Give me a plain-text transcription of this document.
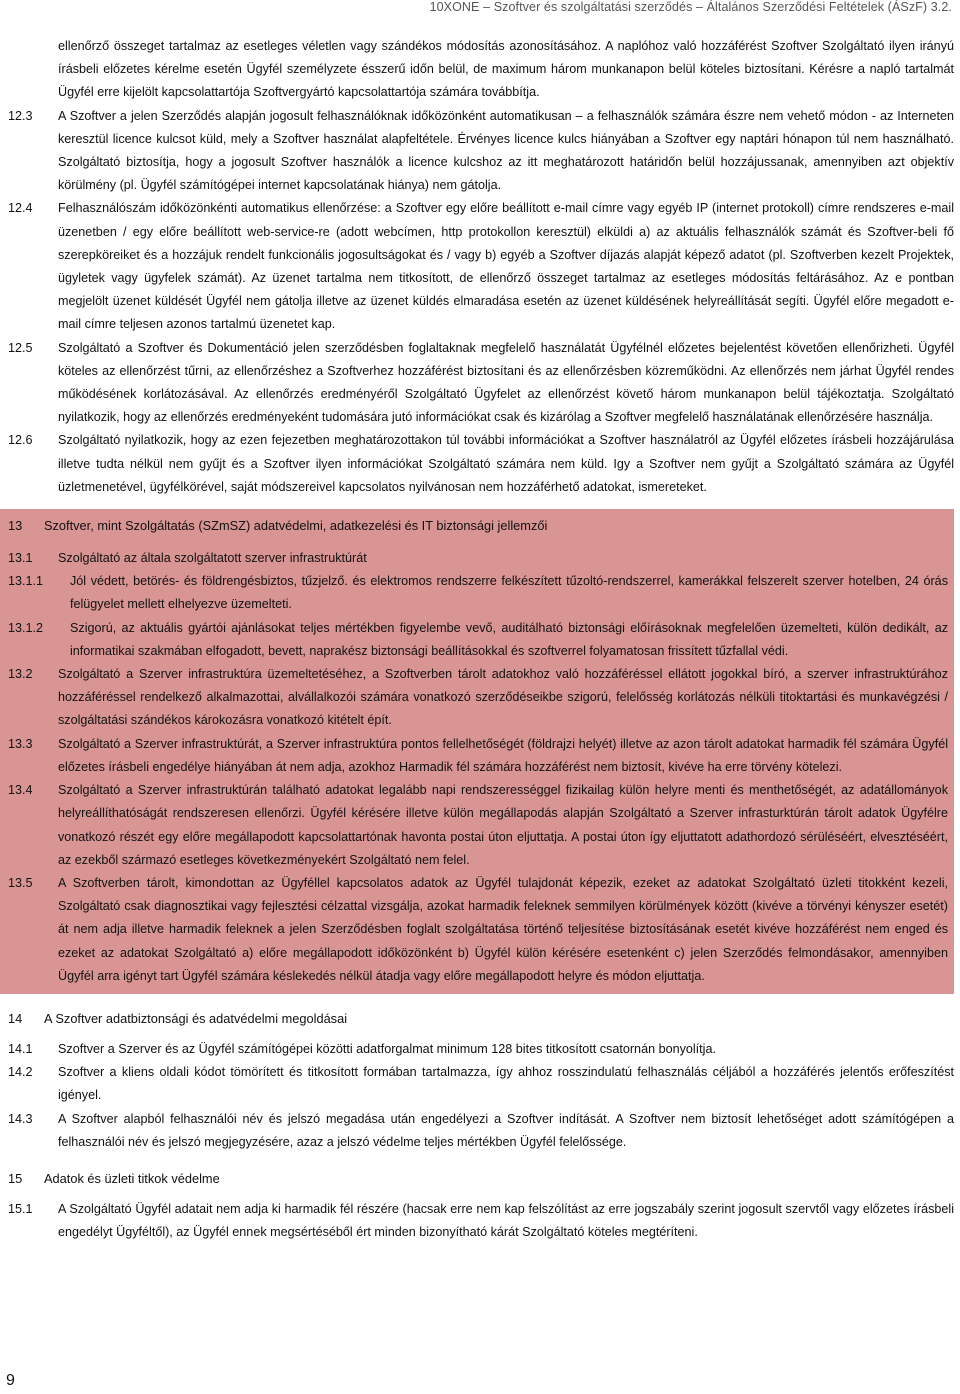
10XONE – Szoftver és szolgáltatási szerződés – Általános Szerződési Feltételek (ÁSzF) 3.2.
ellenőrző összeget tartalmaz az esetleges véletlen vagy szándékos módosítás azonosításához. A naplóhoz való hozzáférést Szoftver Szolgáltató ilyen irányú írásbeli előzetes kérelme esetén Ügyfél személyzete ésszerű időn belül, de maximum három munkanapon belül köteles biztosítani. Kérésre a napló tartalmát Ügyfél erre kijelölt kapcsolattartója Szoftvergyártó kapcsolattartója számára továbbítja.
12.3	A Szoftver a jelen Szerződés alapján jogosult felhasználóknak időközönként automatikusan – a felhasználók számára észre nem vehető módon - az Interneten keresztül licence kulcsot küld, mely a Szoftver használat alapfeltétele. Érvényes licence kulcs hiányában a Szoftver egy naptári hónapon túl nem használható. Szolgáltató biztosítja, hogy a jogosult Szoftver használók a licence kulcshoz az itt meghatározott határidőn belül hozzájussanak, amennyiben azt objektív körülmény (pl. Ügyfél számítógépei internet kapcsolatának hiánya) nem gátolja.
12.4	Felhasználószám időközönkénti automatikus ellenőrzése: a Szoftver egy előre beállított e-mail címre vagy egyéb IP (internet protokoll) címre rendszeres e-mail üzenetben / egy előre beállított web-service-re (adott webcímen, http protokollon keresztül) elküldi a) az aktuális felhasználók számát és Szoftver-beli fő szerepköreiket és a hozzájuk rendelt funkcionális jogosultságokat és / vagy b) egyéb a Szoftver díjazás alapját képező adatot (pl. Szoftverben kezelt Projektek, ügyletek vagy ügyfelek számát). Az üzenet tartalma nem titkosított, de ellenőrző összeget tartalmaz az esetleges módosítás feltárásához. Az e pontban megjelölt üzenet küldését Ügyfél nem gátolja illetve az üzenet küldés elmaradása esetén az üzenet küldésének helyreállítását segíti. Ügyfél előre megadott e-mail címre teljesen azonos tartalmú üzenetet kap.
12.5	Szolgáltató a Szoftver és Dokumentáció jelen szerződésben foglaltaknak megfelelő használatát Ügyfélnél előzetes bejelentést követően ellenőrizheti. Ügyfél köteles az ellenőrzést tűrni, az ellenőrzéshez a Szoftverhez hozzáférést biztosítani és az ellenőrzésben közreműködni. Az ellenőrzés nem járhat Ügyfél rendes működésének korlátozásával. Az ellenőrzés eredményéről Szolgáltató Ügyfelet az ellenőrzést követő három munkanapon belül tájékoztatja. Szolgáltató nyilatkozik, hogy az ellenőrzés eredményeként tudomására jutó információkat csak és kizárólag a Szoftver megfelelő használatának ellenőrzésére használja.
12.6	Szolgáltató nyilatkozik, hogy az ezen fejezetben meghatározottakon túl további információkat a Szoftver használatról az Ügyfél előzetes írásbeli hozzájárulása illetve tudta nélkül nem gyűjt és a Szoftver ilyen információkat Szolgáltató számára nem küld. Igy a Szoftver nem gyűjt a Szolgáltató számára az Ügyfél üzletmenetével, ügyfélkörével, saját módszereivel kapcsolatos nyilvánosan nem hozzáférhető adatokat, ismereteket.
13	Szoftver, mint Szolgáltatás (SZmSZ) adatvédelmi, adatkezelési és IT biztonsági jellemzői
13.1	Szolgáltató az általa szolgáltatott szerver infrastruktúrát
13.1.1	Jól védett, betörés- és földrengésbiztos, tűzjelző. és elektromos rendszerre felkészített tűzoltó-rendszerrel, kamerákkal felszerelt szerver hotelben, 24 órás felügyelet mellett elhelyezve üzemelteti.
13.1.2	Szigorú, az aktuális gyártói ajánlásokat teljes mértékben figyelembe vevő, auditálható biztonsági előírásoknak megfelelően üzemelteti, külön dedikált, az informatikai szakmában elfogadott, bevett, naprakész biztonsági beállításokkal és szoftverrel folyamatosan frissített tűzfallal védi.
13.2	Szolgáltató a Szerver infrastruktúra üzemeltetéséhez, a Szoftverben tárolt adatokhoz való hozzáféréssel ellátott jogokkal bíró, a szerver infrastruktúrához hozzáféréssel rendelkező alkalmazottai, alvállalkozói számára vonatkozó szerződéseikbe szigorú, felelősség korlátozás nélküli titoktartási és munkavégzési / szolgáltatási szándékos károkozásra vonatkozó kitételt épít.
13.3	Szolgáltató a Szerver infrastruktúrát, a Szerver infrastruktúra pontos fellelhetőségét (földrajzi helyét) illetve az azon tárolt adatokat harmadik fél számára Ügyfél előzetes írásbeli engedélye hiányában át nem adja, azokhoz Harmadik fél számára hozzáférést nem biztosít, kivéve ha erre törvény kötelezi.
13.4	Szolgáltató a Szerver infrastruktúrán található adatokat legalább napi rendszerességgel fizikailag külön helyre menti és menthetőségét, az adatállományok helyreállíthatóságát rendszeresen ellenőrzi. Ügyfél kérésére illetve külön megállapodás alapján Szolgáltató a Szerver infrasturktúrán tárolt adatok Ügyfélre vonatkozó részét egy előre megállapodott kapcsolattartónak havonta postai úton eljuttatja. A postai úton így eljuttatott adathordozó sérüléséért, elvesztéséért, az ezekből származó esetleges következményekért Szolgáltató nem felel.
13.5	A Szoftverben tárolt, kimondottan az Ügyféllel kapcsolatos adatok az Ügyfél tulajdonát képezik, ezeket az adatokat Szolgáltató üzleti titokként kezeli, Szolgáltató csak diagnosztikai vagy fejlesztési célzattal vizsgálja, azokat harmadik feleknek semmilyen körülmények között (kivéve a törvényi kényszer esetét) át nem adja illetve harmadik feleknek a jelen Szerződésben foglalt szolgáltatása történő teljesítése biztosításának esetét kivéve hozzáférést nem enged és ezeket az adatokat Szolgáltató a) előre megállapodott időközönként b) Ügyfél külön kérésére esetenként c) jelen Szerződés felmondásakor, amennyiben Ügyfél arra igényt tart Ügyfél számára késlekedés nélkül átadja vagy előre megállapodott helyre és módon eljuttatja.
14	A Szoftver adatbiztonsági és adatvédelmi megoldásai
14.1	Szoftver a Szerver és az Ügyfél számítógépei közötti adatforgalmat minimum 128 bites titkosított csatornán bonyolítja.
14.2	Szoftver a kliens oldali kódot tömörített és titkosított formában tartalmazza, így ahhoz rosszindulatú felhasználás céljából a hozzáférés jelentős erőfeszítést igényel.
14.3	A Szoftver alapból felhasználói név és jelszó megadása után engedélyezi a Szoftver indítását. A Szoftver nem biztosít lehetőséget adott számítógépen a felhasználói név és jelszó megjegyzésére, azaz a jelszó védelme teljes mértékben Ügyfél felelőssége.
15	Adatok és üzleti titkok védelme
15.1	A Szolgáltató Ügyfél adatait nem adja ki harmadik fél részére (hacsak erre nem kap felszólítást az erre jogszabály szerint jogosult szervtől vagy előzetes írásbeli engedélyt Ügyféltől), az Ügyfél ennek megsértéséből ért minden bizonyítható kárát Szolgáltató köteles megtéríteni.
9
